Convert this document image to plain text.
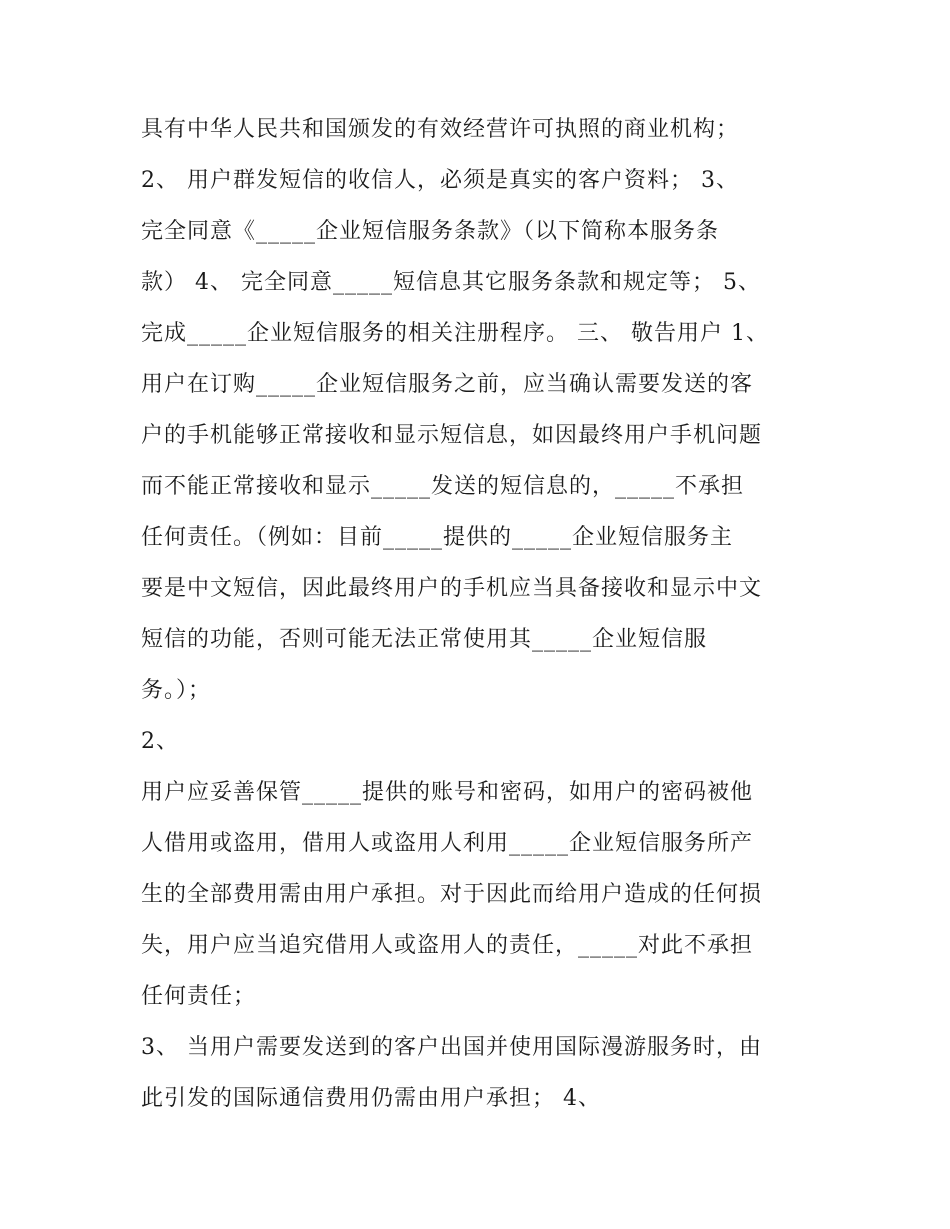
具有中华人民共和国颁发的有效经营许可执照的商业机构；
2、 用户群发短信的收信人，必须是真实的客户资料； 3、
完全同意《_____企业短信服务条款》（以下简称本服务条
款） 4、 完全同意_____短信息其它服务条款和规定等； 5、
完成_____企业短信服务的相关注册程序。 三、 敬告用户 1、
用户在订购_____企业短信服务之前，应当确认需要发送的客
户的手机能够正常接收和显示短信息，如因最终用户手机问题
而不能正常接收和显示_____发送的短信息的，_____不承担
任何责任。（例如：目前_____提供的_____企业短信服务主
要是中文短信，因此最终用户的手机应当具备接收和显示中文
短信的功能，否则可能无法正常使用其_____企业短信服
务。）；
2、
用户应妥善保管_____提供的账号和密码，如用户的密码被他
人借用或盗用，借用人或盗用人利用_____企业短信服务所产
生的全部费用需由用户承担。对于因此而给用户造成的任何损
失，用户应当追究借用人或盗用人的责任，_____对此不承担
任何责任；
3、 当用户需要发送到的客户出国并使用国际漫游服务时，由
此引发的国际通信费用仍需由用户承担； 4、
